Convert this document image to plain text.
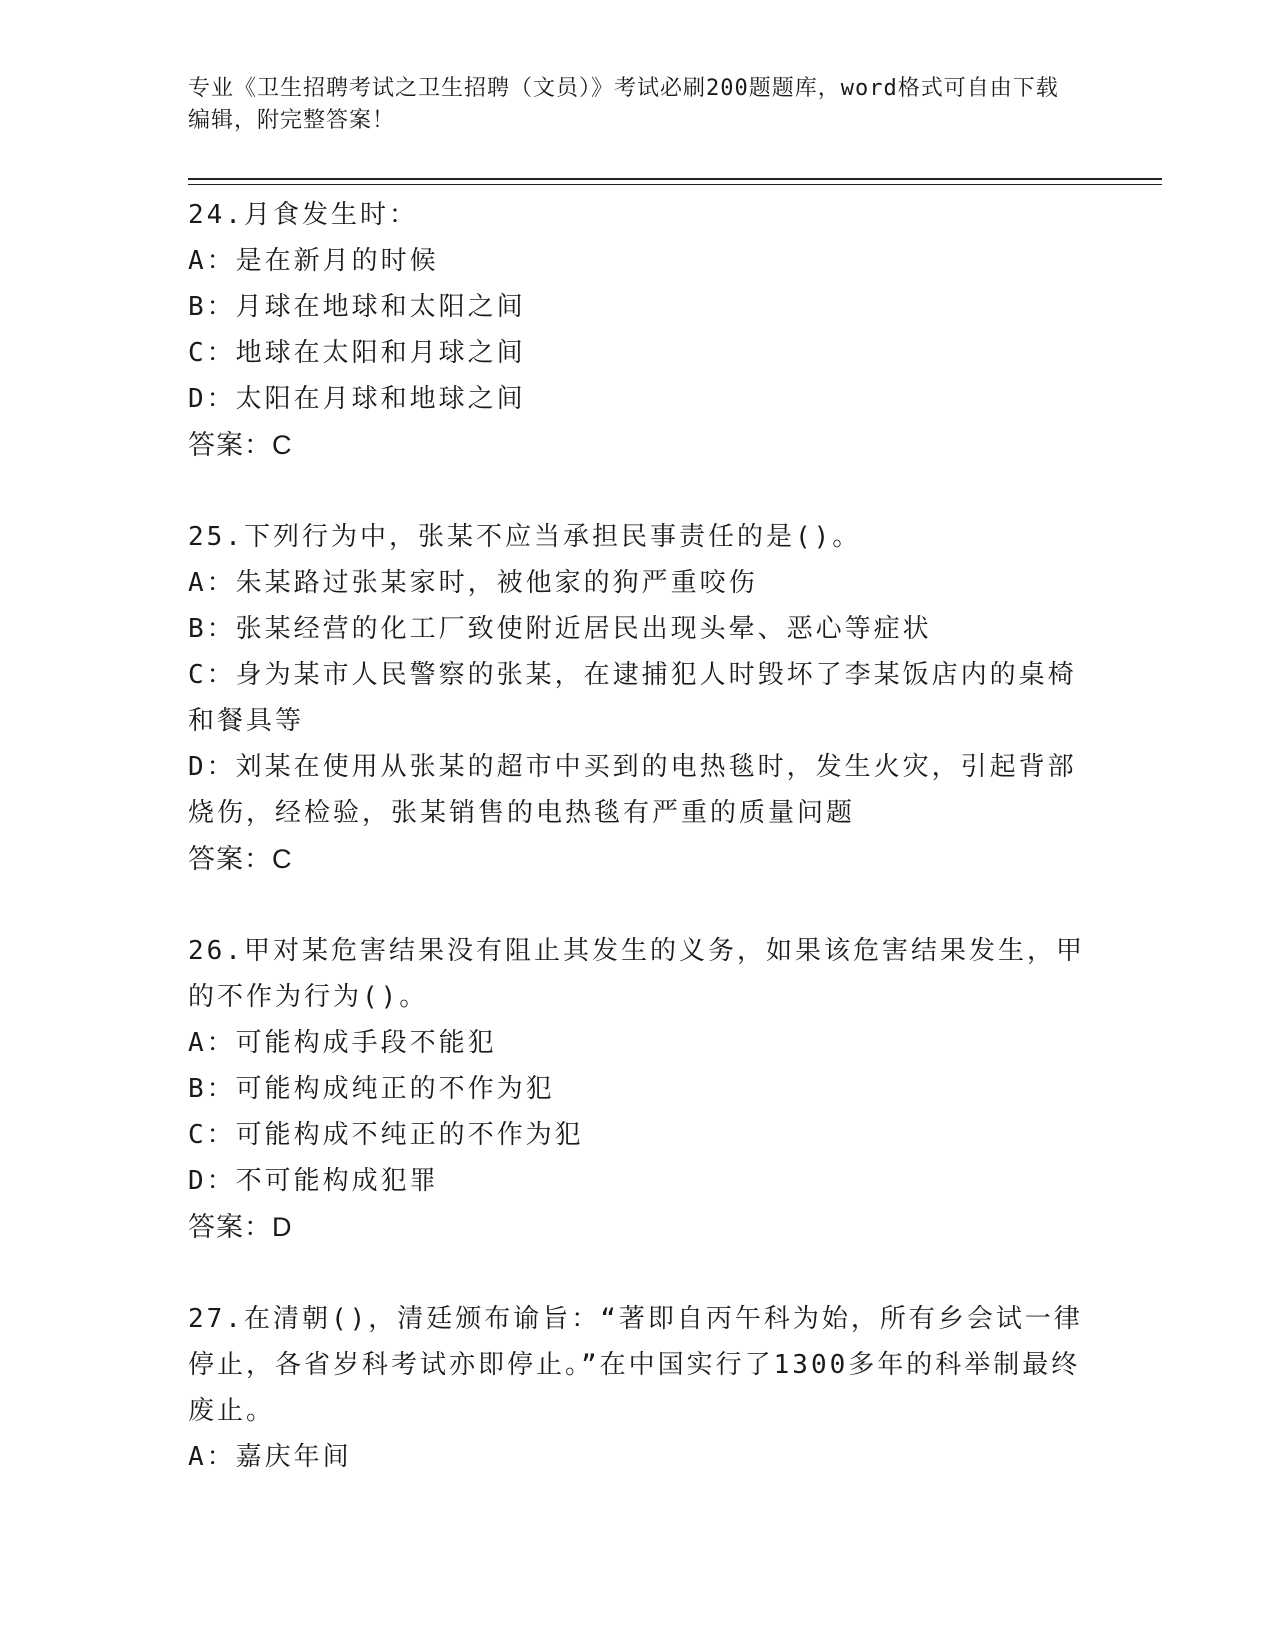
专业《卫生招聘考试之卫生招聘（文员）》考试必刷200题题库，word格式可自由下载编辑，附完整答案！
24.月食发生时：
A：是在新月的时候
B：月球在地球和太阳之间
C：地球在太阳和月球之间
D：太阳在月球和地球之间
答案：C
25.下列行为中，张某不应当承担民事责任的是()。
A：朱某路过张某家时，被他家的狗严重咬伤
B：张某经营的化工厂致使附近居民出现头晕、恶心等症状
C：身为某市人民警察的张某，在逮捕犯人时毁坏了李某饭店内的桌椅和餐具等
D：刘某在使用从张某的超市中买到的电热毯时，发生火灾，引起背部烧伤，经检验，张某销售的电热毯有严重的质量问题
答案：C
26.甲对某危害结果没有阻止其发生的义务，如果该危害结果发生，甲的不作为行为()。
A：可能构成手段不能犯
B：可能构成纯正的不作为犯
C：可能构成不纯正的不作为犯
D：不可能构成犯罪
答案：D
27.在清朝()，清廷颁布谕旨：“著即自丙午科为始，所有乡会试一律停止，各省岁科考试亦即停止。”在中国实行了1300多年的科举制最终废止。
A：嘉庆年间
